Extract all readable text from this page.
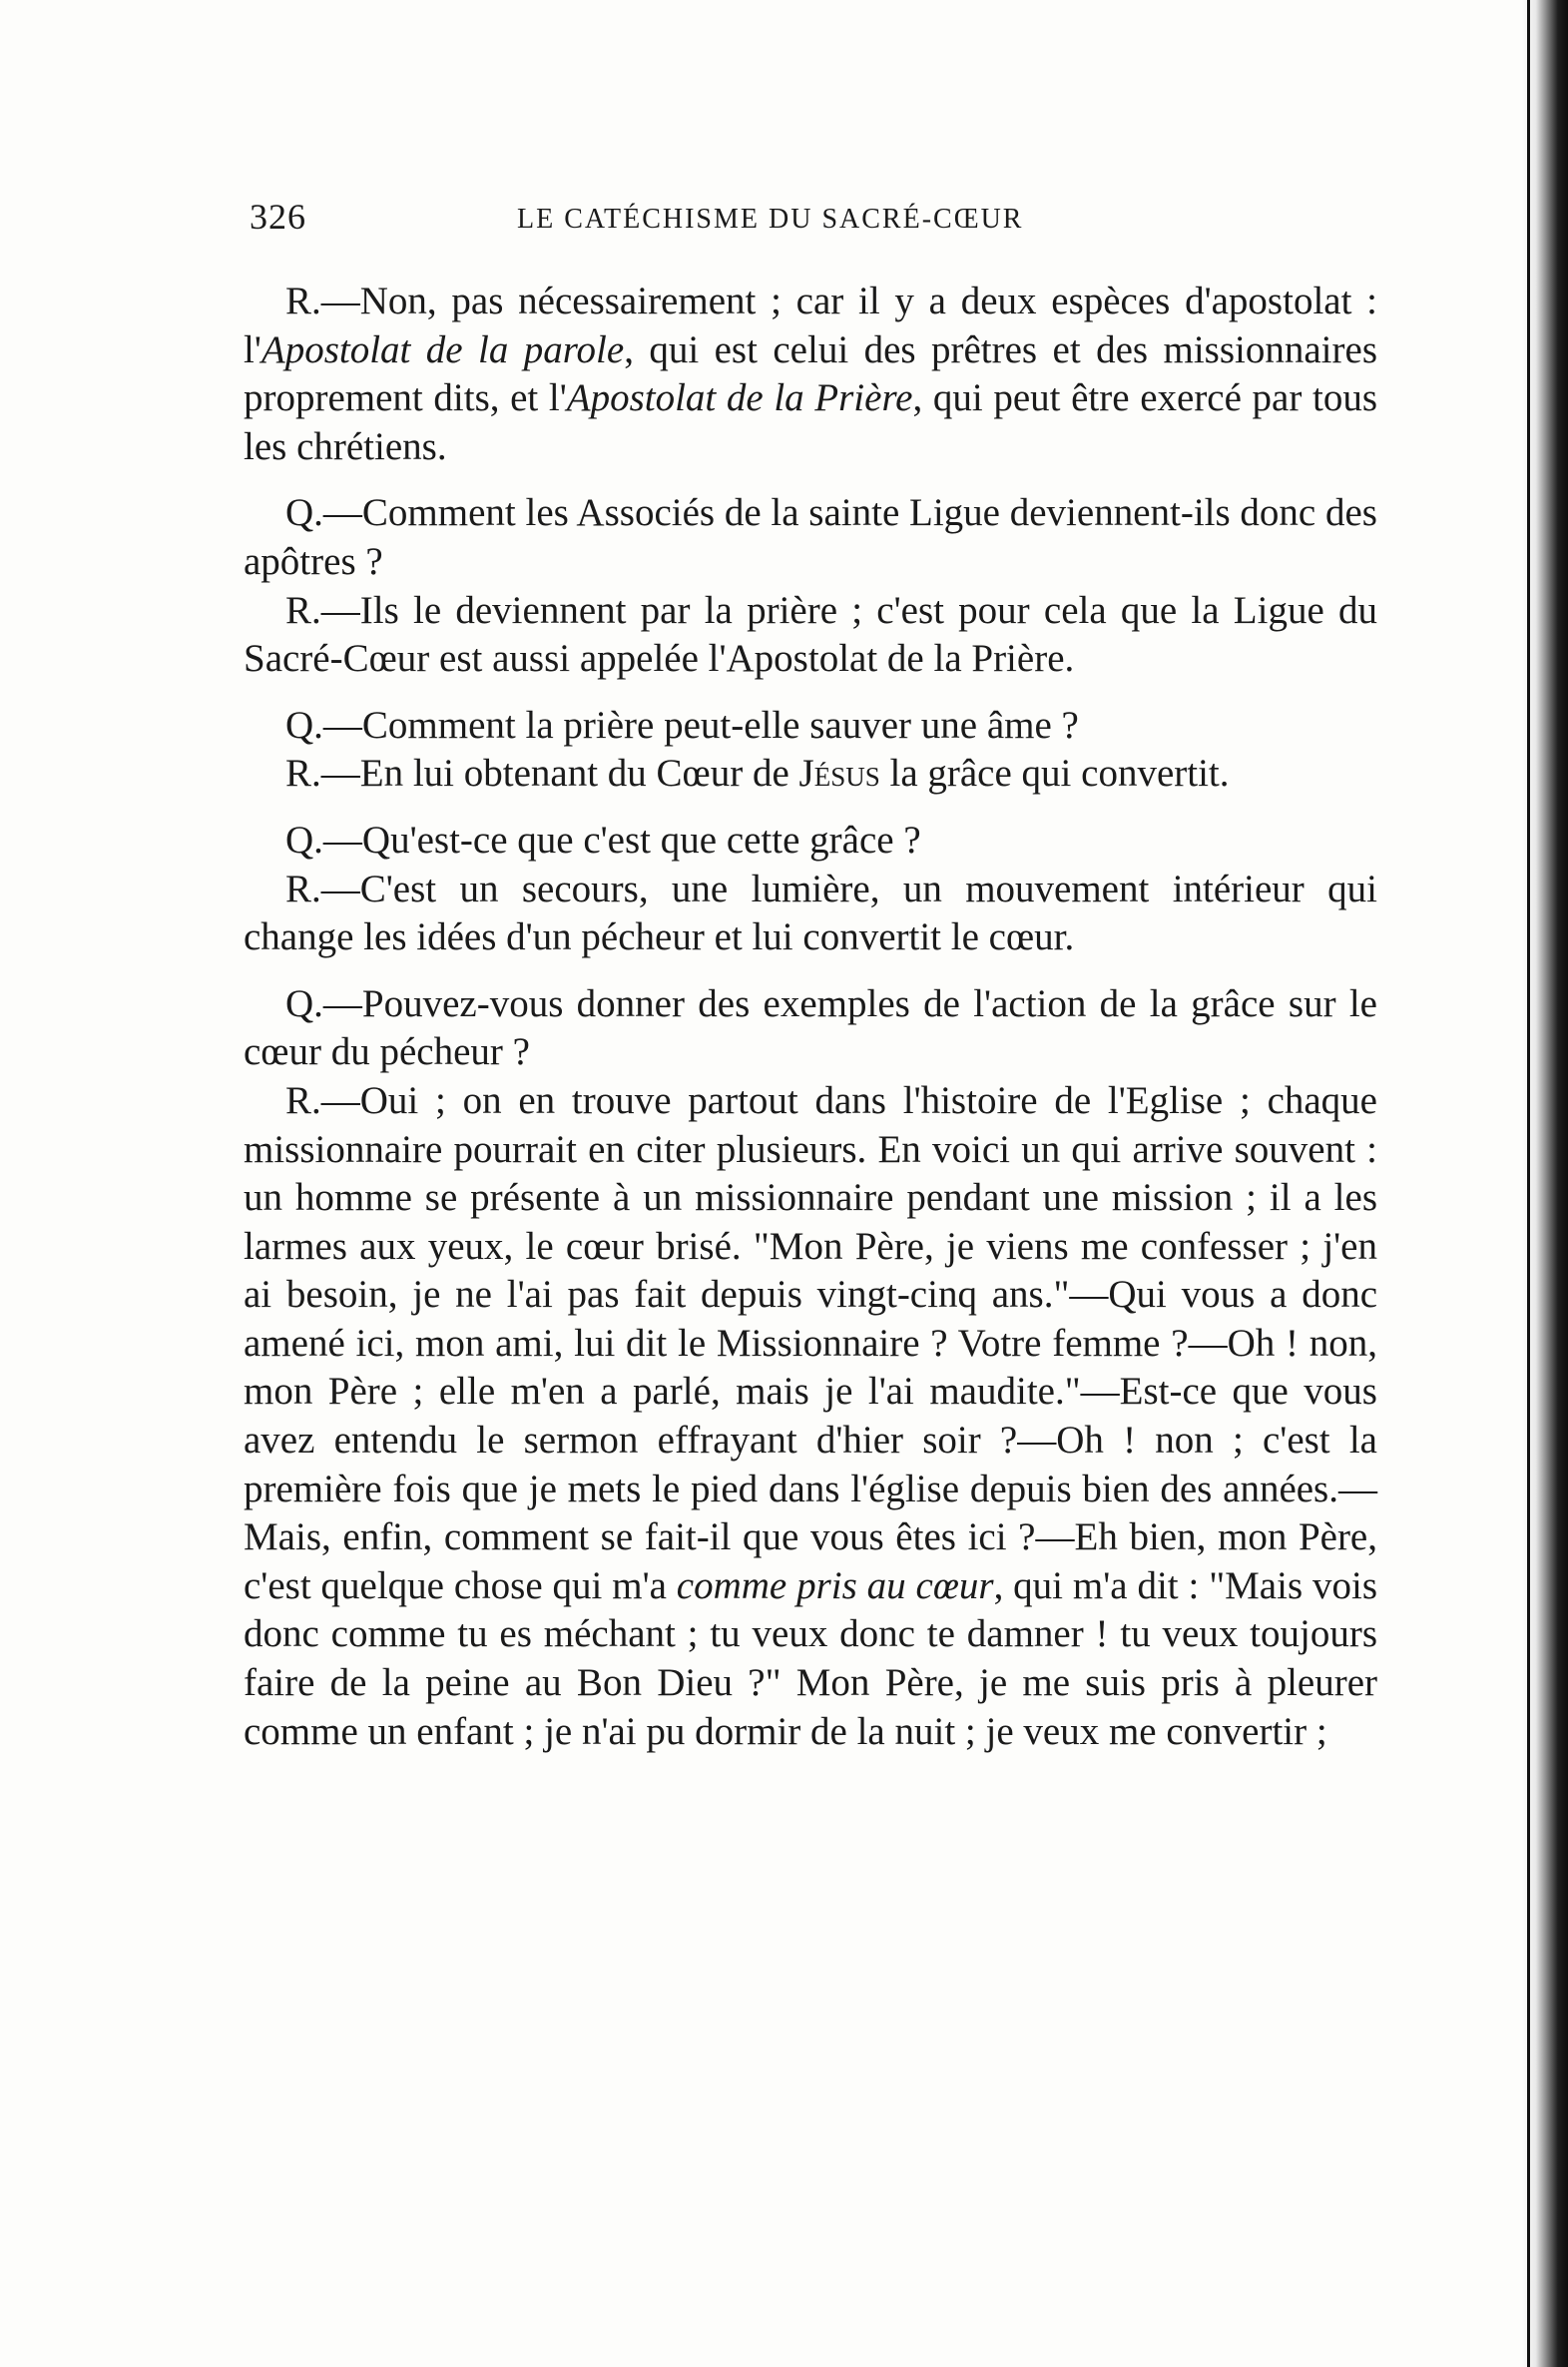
326	LE CATÉCHISME DU SACRÉ-CŒUR

R.—Non, pas nécessairement ; car il y a deux espèces d'apostolat : l'Apostolat de la parole, qui est celui des prêtres et des missionnaires proprement dits, et l'Apostolat de la Prière, qui peut être exercé par tous les chrétiens.

Q.—Comment les Associés de la sainte Ligue deviennent-ils donc des apôtres ?

R.—Ils le deviennent par la prière ; c'est pour cela que la Ligue du Sacré-Cœur est aussi appelée l'Apostolat de la Prière.

Q.—Comment la prière peut-elle sauver une âme ?

R.—En lui obtenant du Cœur de Jésus la grâce qui convertit.

Q.—Qu'est-ce que c'est que cette grâce ?

R.—C'est un secours, une lumière, un mouvement intérieur qui change les idées d'un pécheur et lui convertit le cœur.

Q.—Pouvez-vous donner des exemples de l'action de la grâce sur le cœur du pécheur ?

R.—Oui ; on en trouve partout dans l'histoire de l'Eglise ; chaque missionnaire pourrait en citer plusieurs. En voici un qui arrive souvent : un homme se présente à un missionnaire pendant une mission ; il a les larmes aux yeux, le cœur brisé. "Mon Père, je viens me confesser ; j'en ai besoin, je ne l'ai pas fait depuis vingt-cinq ans."—Qui vous a donc amené ici, mon ami, lui dit le Missionnaire ? Votre femme ?—Oh ! non, mon Père ; elle m'en a parlé, mais je l'ai maudite."—Est-ce que vous avez entendu le sermon effrayant d'hier soir ?—Oh ! non ; c'est la première fois que je mets le pied dans l'église depuis bien des années.—Mais, enfin, comment se fait-il que vous êtes ici ?—Eh bien, mon Père, c'est quelque chose qui m'a comme pris au cœur, qui m'a dit : "Mais vois donc comme tu es méchant ; tu veux donc te damner ! tu veux toujours faire de la peine au Bon Dieu ?" Mon Père, je me suis pris à pleurer comme un enfant ; je n'ai pu dormir de la nuit ; je veux me convertir ;
